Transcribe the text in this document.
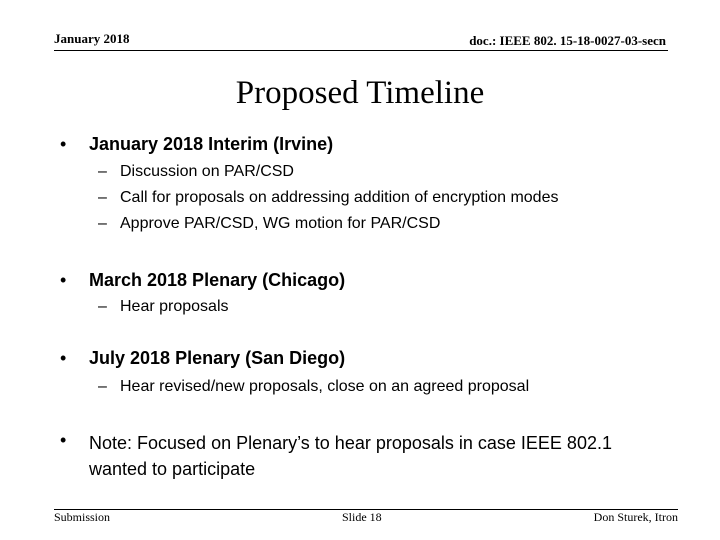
January 2018	doc.: IEEE 802. 15-18-0027-03-secn
Proposed Timeline
• January 2018 Interim (Irvine)
– Discussion on PAR/CSD
– Call for proposals on addressing addition of encryption modes
– Approve PAR/CSD, WG motion for PAR/CSD
• March 2018 Plenary (Chicago)
– Hear proposals
• July 2018 Plenary (San Diego)
– Hear revised/new proposals, close on an agreed proposal
• Note: Focused on Plenary’s to hear proposals in case IEEE 802.1 wanted to participate
Submission	Slide 18	Don Sturek, Itron
